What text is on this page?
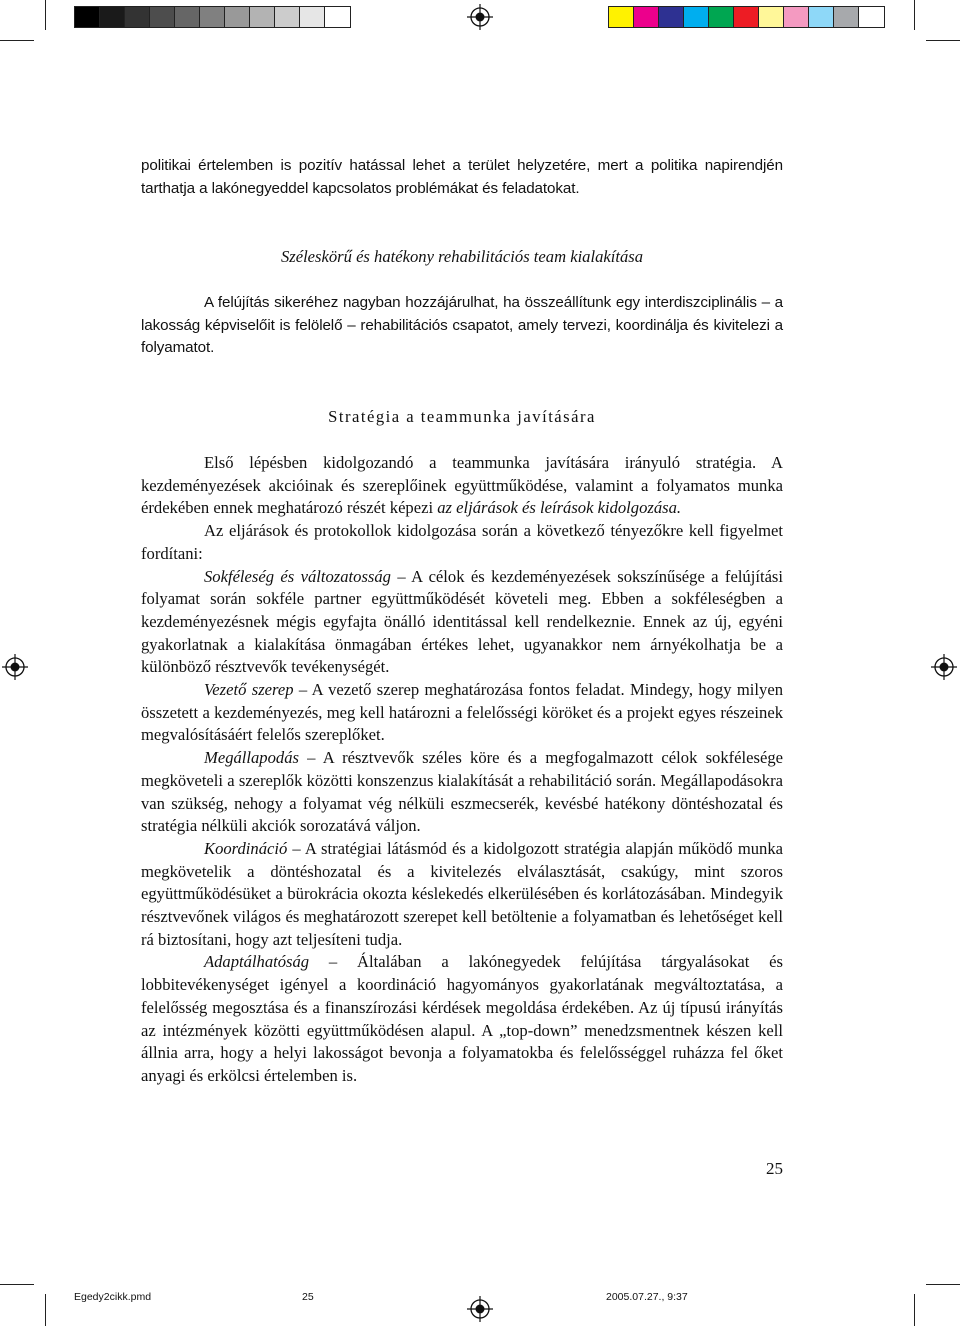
politikai értelemben is pozitív hatással lehet a terület helyzetére, mert a politika napirendjén tarthatja a lakónegyeddel kapcsolatos problémákat és feladatokat.

Széleskörű és hatékony rehabilitációs team kialakítása

A felújítás sikeréhez nagyban hozzájárulhat, ha összeállítunk egy interdiszciplinális – a lakosság képviselőit is felölelő – rehabilitációs csapatot, amely tervezi, koordinálja és kivitelezi a folyamatot.

Stratégia a teammunka javítására

Első lépésben kidolgozandó a teammunka javítására irányuló stratégia. A kezdeményezések akcióinak és szereplőinek együttműködése, valamint a folyamatos munka érdekében ennek meghatározó részét képezi az eljárások és leírások kidolgozása.

Az eljárások és protokollok kidolgozása során a következő tényezőkre kell figyelmet fordítani:

Sokféleség és változatosság – A célok és kezdeményezések sokszínűsége a felújítási folyamat során sokféle partner együttműködését követeli meg. Ebben a sokféleségben a kezdeményezésnek mégis egyfajta önálló identitással kell rendelkeznie. Ennek az új, egyéni gyakorlatnak a kialakítása önmagában értékes lehet, ugyanakkor nem árnyékolhatja be a különböző résztvevők tevékenységét.

Vezető szerep – A vezető szerep meghatározása fontos feladat. Mindegy, hogy milyen összetett a kezdeményezés, meg kell határozni a felelősségi köröket és a projekt egyes részeinek megvalósításáért felelős szereplőket.

Megállapodás – A résztvevők széles köre és a megfogalmazott célok sokfélesége megköveteli a szereplők közötti konszenzus kialakítását a rehabilitáció során. Megállapodásokra van szükség, nehogy a folyamat vég nélküli eszmecserék, kevésbé hatékony döntéshozatal és stratégia nélküli akciók sorozatává váljon.

Koordináció – A stratégiai látásmód és a kidolgozott stratégia alapján működő munka megkövetelik a döntéshozatal és a kivitelezés elválasztását, csakúgy, mint szoros együttműködésüket a bürokrácia okozta késlekedés elkerülésében és korlátozásában. Mindegyik résztvevőnek világos és meghatározott szerepet kell betöltenie a folyamatban és lehetőséget kell rá biztosítani, hogy azt teljesíteni tudja.

Adaptálhatóság – Általában a lakónegyedek felújítása tárgyalásokat és lobbitevékenységet igényel a koordináció hagyományos gyakorlatának megváltoztatása, a felelősség megosztása és a finanszírozási kérdések megoldása érdekében. Az új típusú irányítás az intézmények közötti együttműködésen alapul. A „top-down” menedzsmentnek készen kell állnia arra, hogy a helyi lakosságot bevonja a folyamatokba és felelősséggel ruházza fel őket anyagi és erkölcsi értelemben is.

25
Egedy2cikk.pmd	25	2005.07.27., 9:37
